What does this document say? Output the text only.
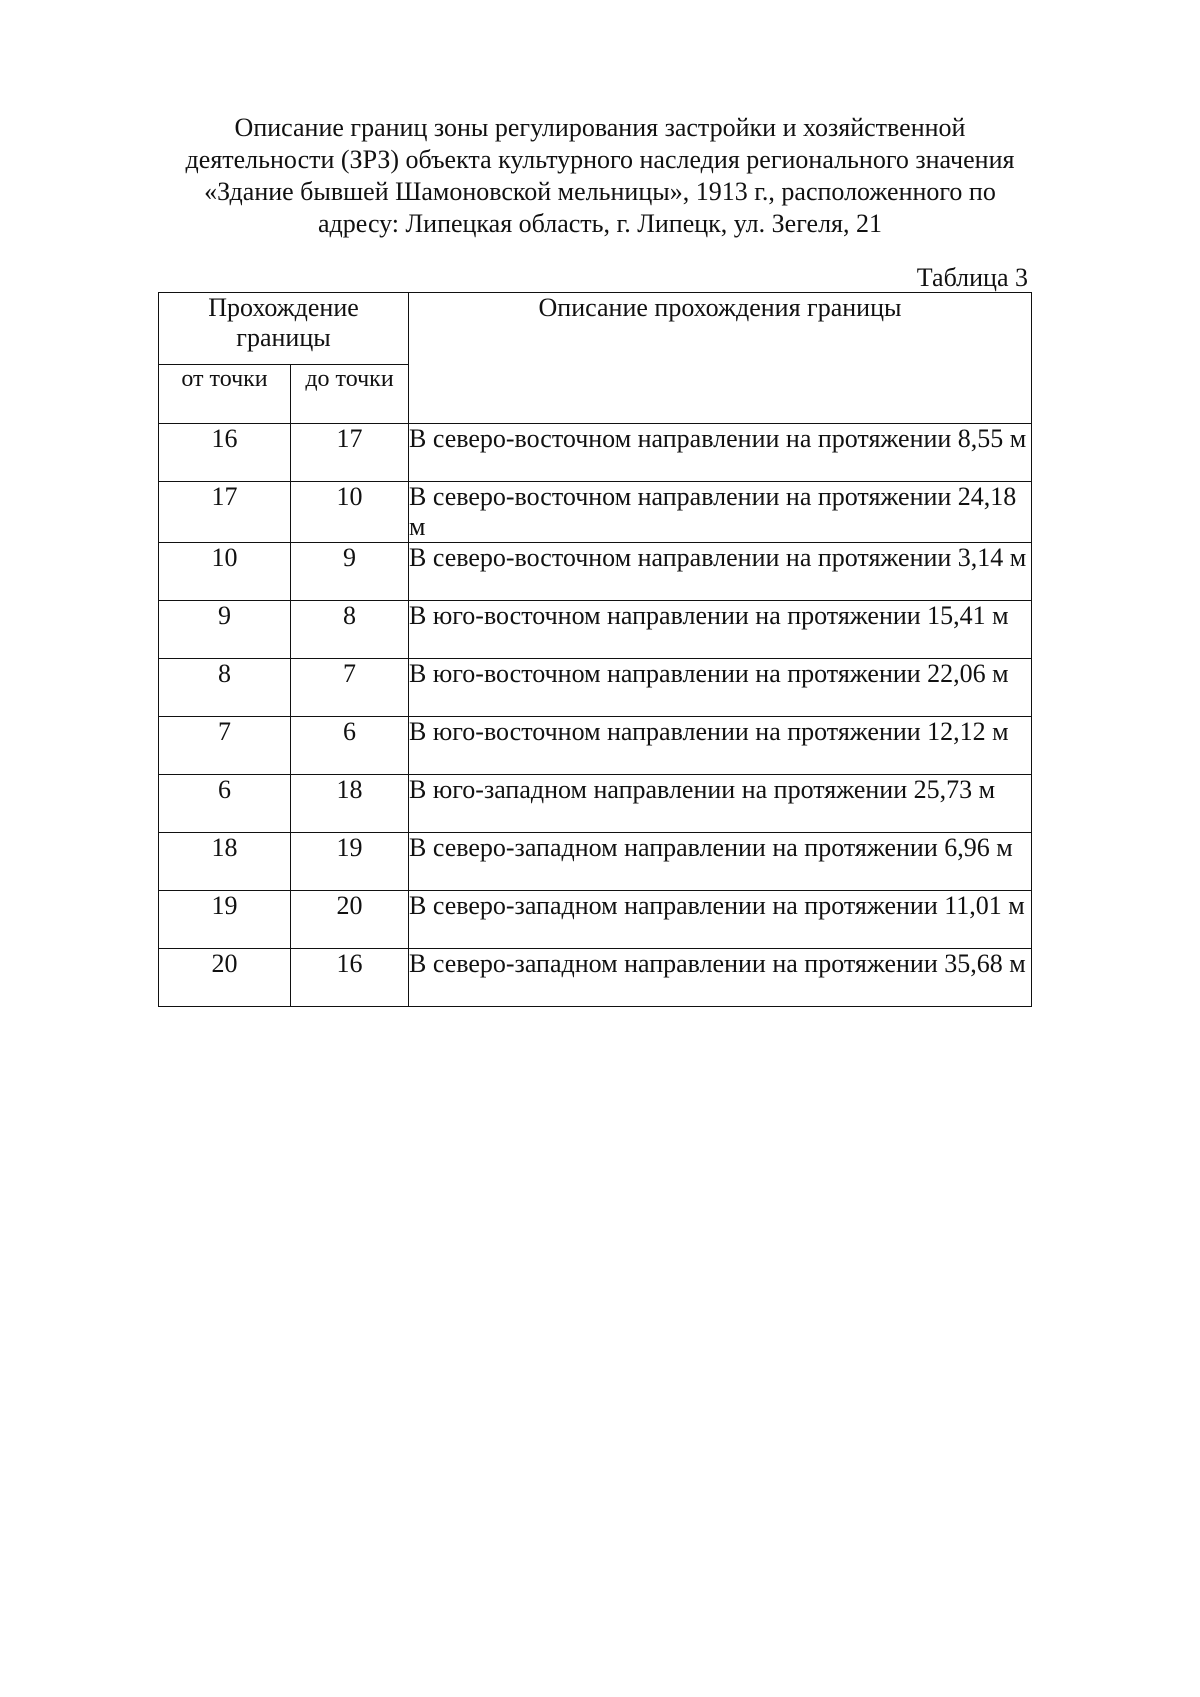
Описание границ зоны регулирования застройки и хозяйственной
деятельности (ЗРЗ) объекта культурного наследия регионального значения
«Здание бывшей Шамоновской мельницы», 1913 г., расположенного по
адресу: Липецкая область, г. Липецк, ул. Зегеля, 21
Таблица 3
Прохождение границы		Описание прохождения границы
от точки	до точки	
16	17	В северо-восточном направлении на протяжении 8,55 м

17	10	В северо-восточном направлении на протяжении 24,18 м

10	9	В северо-восточном направлении на протяжении 3,14 м

9	8	В юго-восточном направлении на протяжении 15,41 м

8	7	В юго-восточном направлении на протяжении 22,06 м

7	6	В юго-восточном направлении на протяжении 12,12 м

6	18	В юго-западном направлении на протяжении 25,73 м

18	19	В северо-западном направлении на протяжении 6,96 м

19	20	В северо-западном направлении на протяжении 11,01 м

20	16	В северо-западном направлении на протяжении 35,68 м
